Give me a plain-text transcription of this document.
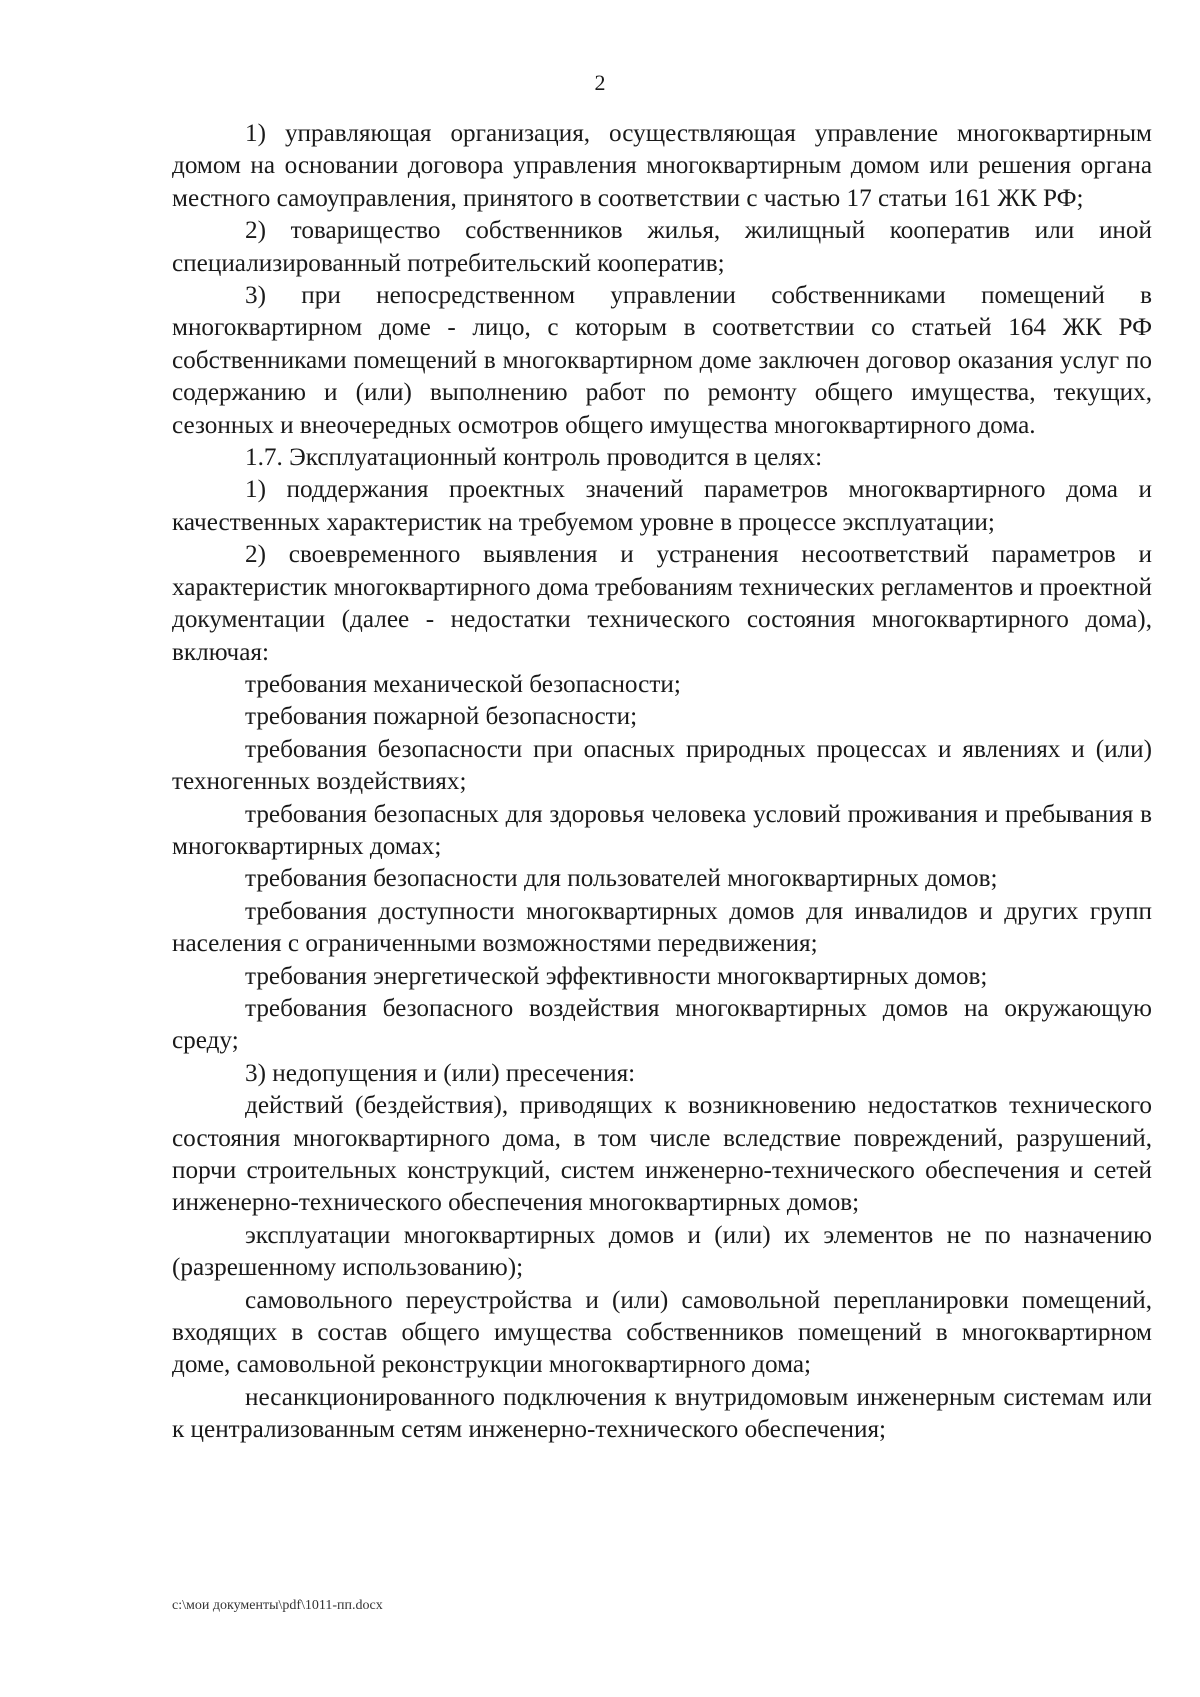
2

1) управляющая организация, осуществляющая управление многоквартирным домом на основании договора управления многоквартирным домом или решения органа местного самоуправления, принятого в соответствии с частью 17 статьи 161 ЖК РФ;

2) товарищество собственников жилья, жилищный кооператив или иной специализированный потребительский кооператив;

3) при непосредственном управлении собственниками помещений в многоквартирном доме - лицо, с которым в соответствии со статьей 164 ЖК РФ собственниками помещений в многоквартирном доме заключен договор оказания услуг по содержанию и (или) выполнению работ по ремонту общего имущества, текущих, сезонных и внеочередных осмотров общего имущества многоквартирного дома.

1.7. Эксплуатационный контроль проводится в целях:

1) поддержания проектных значений параметров многоквартирного дома и качественных характеристик на требуемом уровне в процессе эксплуатации;

2) своевременного выявления и устранения несоответствий параметров и характеристик многоквартирного дома требованиям технических регламентов и проектной документации (далее - недостатки технического состояния многоквартирного дома), включая:

требования механической безопасности;

требования пожарной безопасности;

требования безопасности при опасных природных процессах и явлениях и (или) техногенных воздействиях;

требования безопасных для здоровья человека условий проживания и пребывания в многоквартирных домах;

требования безопасности для пользователей многоквартирных домов;

требования доступности многоквартирных домов для инвалидов и других групп населения с ограниченными возможностями передвижения;

требования энергетической эффективности многоквартирных домов;

требования безопасного воздействия многоквартирных домов на окружающую среду;

3) недопущения и (или) пресечения:

действий (бездействия), приводящих к возникновению недостатков технического состояния многоквартирного дома, в том числе вследствие повреждений, разрушений, порчи строительных конструкций, систем инженерно-технического обеспечения и сетей инженерно-технического обеспечения многоквартирных домов;

эксплуатации многоквартирных домов и (или) их элементов не по назначению (разрешенному использованию);

самовольного переустройства и (или) самовольной перепланировки помещений, входящих в состав общего имущества собственников помещений в многоквартирном доме, самовольной реконструкции многоквартирного дома;

несанкционированного подключения к внутридомовым инженерным системам или к централизованным сетям инженерно-технического обеспечения;

c:\мои документы\pdf\1011-пп.docx
